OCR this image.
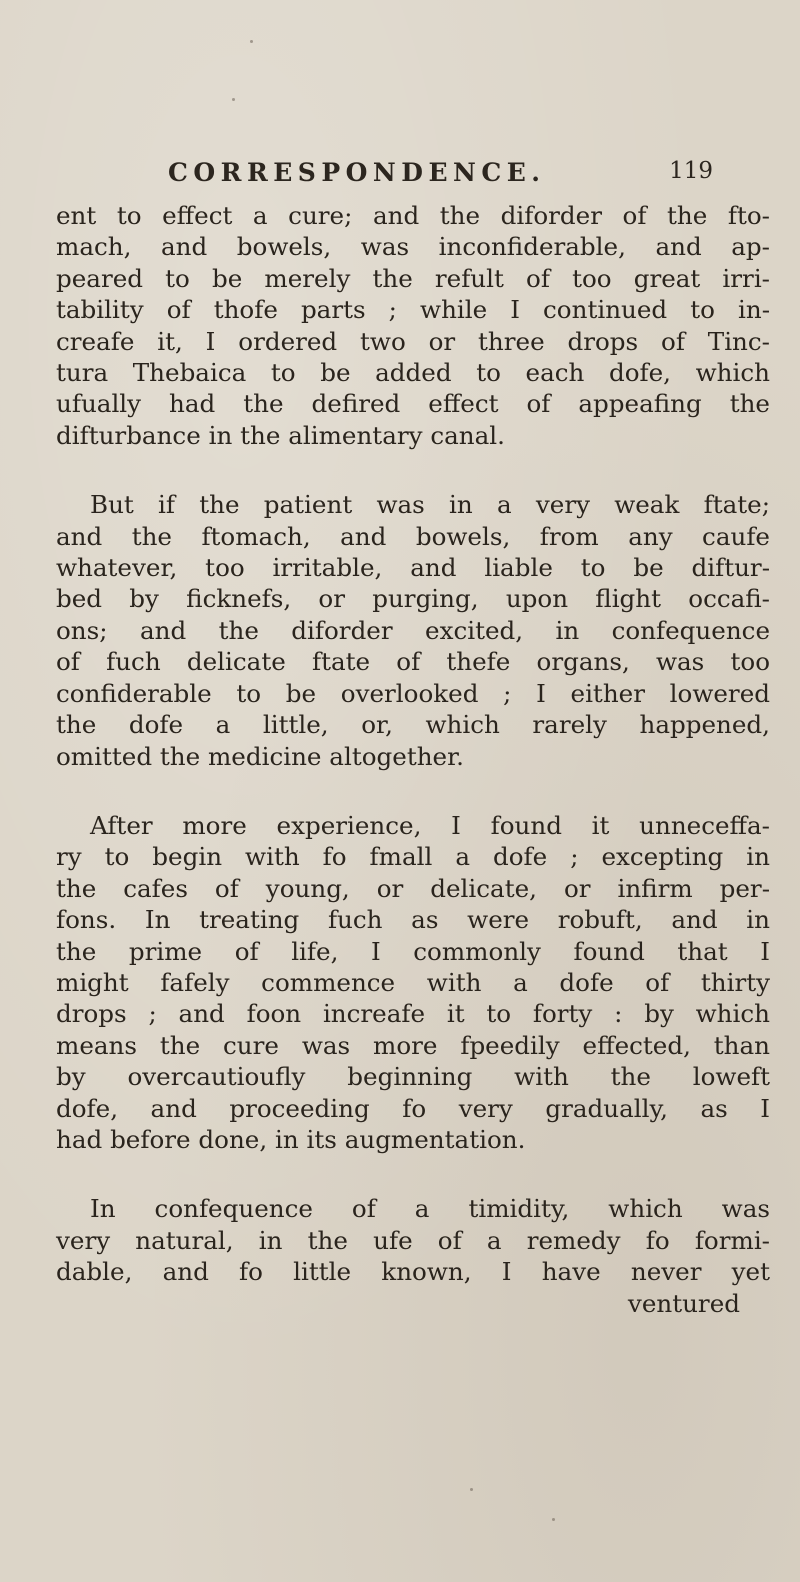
CORRESPONDENCE.	119
ent to effect a cure; and the diforder of the fto-
mach, and bowels, was inconfiderable, and ap-
peared to be merely the refult of too great irri-
tability of thofe parts ; while I continued to in-
creafe it, I ordered two or three drops of Tinc-
tura Thebaica to be added to each dofe, which
ufually had the defired effect of appeafing the
difturbance in the alimentary canal.
But if the patient was in a very weak ftate;
and the ftomach, and bowels, from any caufe
whatever, too irritable, and liable to be diftur-
bed by ficknefs, or purging, upon flight occafi-
ons; and the diforder excited, in confequence
of fuch delicate ftate of thefe organs, was too
confiderable to be overlooked ; I either lowered
the dofe a little, or, which rarely happened,
omitted the medicine altogether.
After more experience, I found it unneceffa-
ry to begin with fo fmall a dofe ; excepting in
the cafes of young, or delicate, or infirm per-
fons. In treating fuch as were robuft, and in
the prime of life, I commonly found that I
might fafely commence with a dofe of thirty
drops ; and foon increafe it to forty : by which
means the cure was more fpeedily effected, than
by overcautioufly beginning with the loweft
dofe, and proceeding fo very gradually, as I
had before done, in its augmentation.
In confequence of a timidity, which was
very natural, in the ufe of a remedy fo formi-
dable, and fo little known, I have never yet
ventured
